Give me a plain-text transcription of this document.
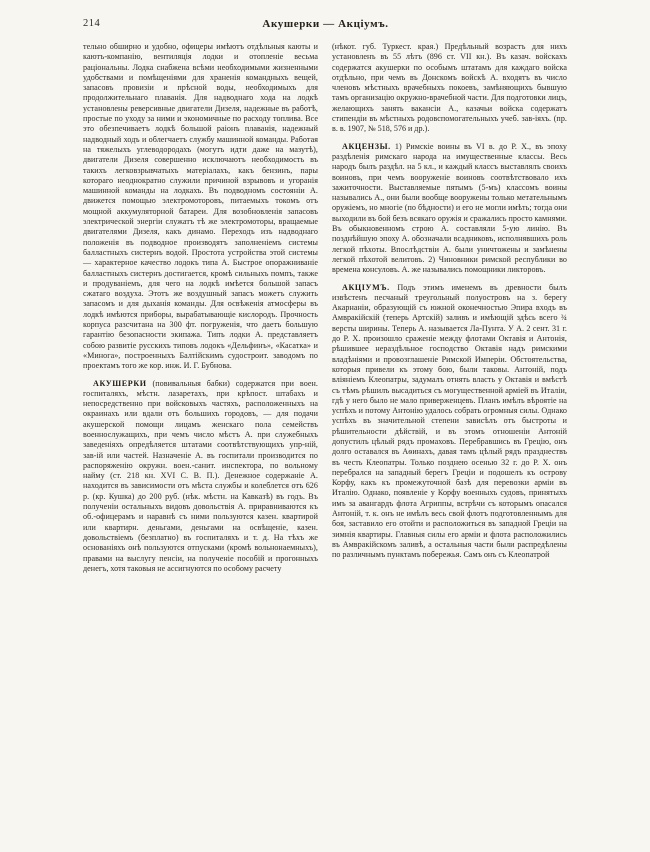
214	Акушерки — Акціумъ.

тельно обширно и удобно, офицеры имѣютъ отдѣльныя каюты и каютъ-компанію, вентиляція лодки и отопленіе весьма раціональны. Лодка снабжена всѣми необходимыми жизненными удобствами и помѣщеніями для храненія командныхъ вещей, запасовъ провизіи и прѣсной воды, необходимыхъ для продолжительнаго плаванія. Для надводнаго хода на лодкѣ установлены реверсивные двигатели Дизеля, надежные въ работѣ, простые по уходу за ними и экономичные по расходу топлива. Все это обезпечиваетъ лодкѣ большой раіонъ плаванія, надежный надводный ходъ и облегчаетъ службу машинной команды. Работая на тяжелыхъ углеводородахъ (могутъ идти даже на мазутѣ), двигатели Дизеля совершенно исключаютъ необходимость въ такихъ легковзрывчатыхъ матеріалахъ, какъ бензинъ, пары котораго неоднократно служили причиной взрывовъ и угоранія машинной команды на лодкахъ. Въ подводномъ состояніи А. движется помощью электромоторовъ, питаемыхъ токомъ отъ мощной аккумуляторной батареи. Для возобновленія запасовъ электрической энергіи служатъ тѣ же электромоторы, вращаемые двигателями Дизеля, какъ динамо. Переходъ изъ надводнаго положенія въ подводное производятъ заполненіемъ системы балластныхъ систернъ водой. Простота устройства этой системы — характерное качество лодокъ типа А. Быстрое опоражниваніе балластныхъ систернъ достигается, кромѣ сильныхъ помпъ, также и продуваніемъ, для чего на лодкѣ имѣется большой запасъ сжатаго воздуха. Этотъ же воздушный запасъ можетъ служить запасомъ и для дыханія команды. Для освѣженія атмосферы въ лодкѣ имѣются приборы, вырабатывающіе кислородъ. Прочность корпуса разсчитана на 300 фт. погруженія, что даетъ большую гарантію безопасности экипажа. Типъ лодки А. представляетъ собою развитіе русскихъ типовъ лодокъ «Дельфинъ», «Касатка» и «Минога», построенныхъ Балтійскимъ судостроит. заводомъ по проектамъ того же кор. инж. И. Г. Бубнова.

АКУШЕРКИ (повивальныя бабки) содержатся при воен. госпиталяхъ, мѣстн. лазаретахъ, при крѣпост. штабахъ и непосредственно при войсковыхъ частяхъ, расположенныхъ на окраинахъ или вдали отъ большихъ городовъ, — для подачи акушерской помощи лицамъ женскаго пола семействъ военнослужащихъ, при чемъ число мѣстъ А. при служебныхъ заведеніяхъ опредѣляется штатами соотвѣтствующихъ упр-ній, зав-ій или частей. Назначеніе А. въ госпитали производится по распоряженію окружн. воен.-санит. инспектора, по вольному найму (ст. 218 кн. XVI С. В. П.). Денежное содержаніе А. находится въ зависимости отъ мѣста службы и колеблется отъ 626 р. (кр. Кушка) до 200 руб. (нѣк. мѣстн. на Кавказѣ) въ годъ. Въ полученіи остальныхъ видовъ довольствія А. приравниваются къ об.-офицерамъ и наравнѣ съ ними пользуются казен. квартирой или квартирн. деньгами, деньгами на освѣщеніе, казен. довольствіемъ (безплатно) въ госпиталяхъ и т. д. На тѣхъ же основаніяхъ онѣ пользуются отпусками (кромѣ вольнонаемныхъ), правами на выслугу пенсіи, на полученіе пособій и прогонныхъ денегъ, хотя таковыя не ассигнуются по особому расчету

(нѣкот. губ. Туркест. края.) Предѣльный возрастъ для нихъ установленъ въ 55 лѣтъ (896 ст. VII кн.). Въ казач. войскахъ содержатся акушерки по особымъ штатамъ для каждаго войска отдѣльно, при чемъ въ Донскомъ войскѣ А. входятъ въ число членовъ мѣстныхъ врачебныхъ покоевъ, замѣняющихъ бывшую тамъ организацію окружно-врачебной части. Для подготовки лицъ, желающихъ занять вакансіи А., казачьи войска содержатъ стипендіи въ мѣстныхъ родовспомогательныхъ учеб. зав-іяхъ. (пр. в. в. 1907, № 518, 576 и др.).

АКЦЕНЗЫ. 1) Римскіе воины въ VI в. до Р. Х., въ эпоху раздѣленія римскаго народа на имущественные классы. Весь народъ былъ раздѣл. на 5 кл., и каждый классъ выставлялъ своихъ воиновъ, при чемъ вооруженіе воиновъ соотвѣтствовало ихъ зажиточности. Выставляемые пятымъ (5-мъ) классомъ воины назывались А., они были вообще вооружены только метательнымъ оружіемъ, но многіе (по бѣдности) и его не могли имѣть; тогда они выходили въ бой безъ всякаго оружія и сражались просто камнями. Въ обыкновенномъ строю А. составляли 5-ую линію. Въ позднѣйшую эпоху А. обозначали всадниковъ, исполнявшихъ роль легкой пѣхоты. Впослѣдствіи А. были уничтожены и замѣнены легкой пѣхотой велитовъ. 2) Чиновники римской республики во времена консуловъ. А. же назывались помощники ликторовъ.

АКЦІУМЪ. Подъ этимъ именемъ въ древности былъ извѣстенъ песчаный треугольный полуостровъ на з. берегу Акарнаніи, образующій съ южной оконечностью Эпира входъ въ Амвракійскій (теперь Артскій) заливъ и имѣющій здѣсь всего ¾ версты ширины. Теперь А. называется Ла-Пунта. У А. 2 сент. 31 г. до Р. Х. произошло сраженіе между флотами Октавія и Антонія, рѣшившее нераздѣльное господство Октавія надъ римскими владѣніями и провозглашеніе Римской Имперіи. Обстоятельства, которыя привели къ этому бою, были таковы. Антоній, подъ вліяніемъ Клеопатры, задумалъ отнять власть у Октавія и вмѣстѣ съ тѣмъ рѣшилъ высадиться съ могущественной арміей въ Италіи, гдѣ у него было не мало приверженцевъ. Планъ имѣлъ вѣроятіе на успѣхъ и потому Антонію удалось собрать огромныя силы. Однако успѣхъ въ значительной степени зависѣлъ отъ быстроты и рѣшительности дѣйствій, и въ этомъ отношеніи Антоній допустилъ цѣлый рядъ промаховъ. Перебравшись въ Грецію, онъ долго оставался въ Аѳинахъ, давая тамъ цѣлый рядъ празднествъ въ честь Клеопатры. Только позднею осенью 32 г. до Р. Х. онъ перебрался на западный берегъ Греціи и подошелъ къ острову Корфу, какъ къ промежуточной базѣ для перевозки арміи въ Италію. Однако, появленіе у Корфу военныхъ судовъ, принятыхъ имъ за авангардъ флота Агриппы, встрѣчи съ которымъ опасался Антоній, т. к. онъ не имѣлъ весь свой флотъ подготовленнымъ для боя, заставило его отойти и расположиться въ западной Греціи на зимнія квартиры. Главныя силы его арміи и флота расположились въ Амвракійскомъ заливѣ, а остальныя части были распредѣлены по различнымъ пунктамъ побережья. Самъ онъ съ Клеопатрой
